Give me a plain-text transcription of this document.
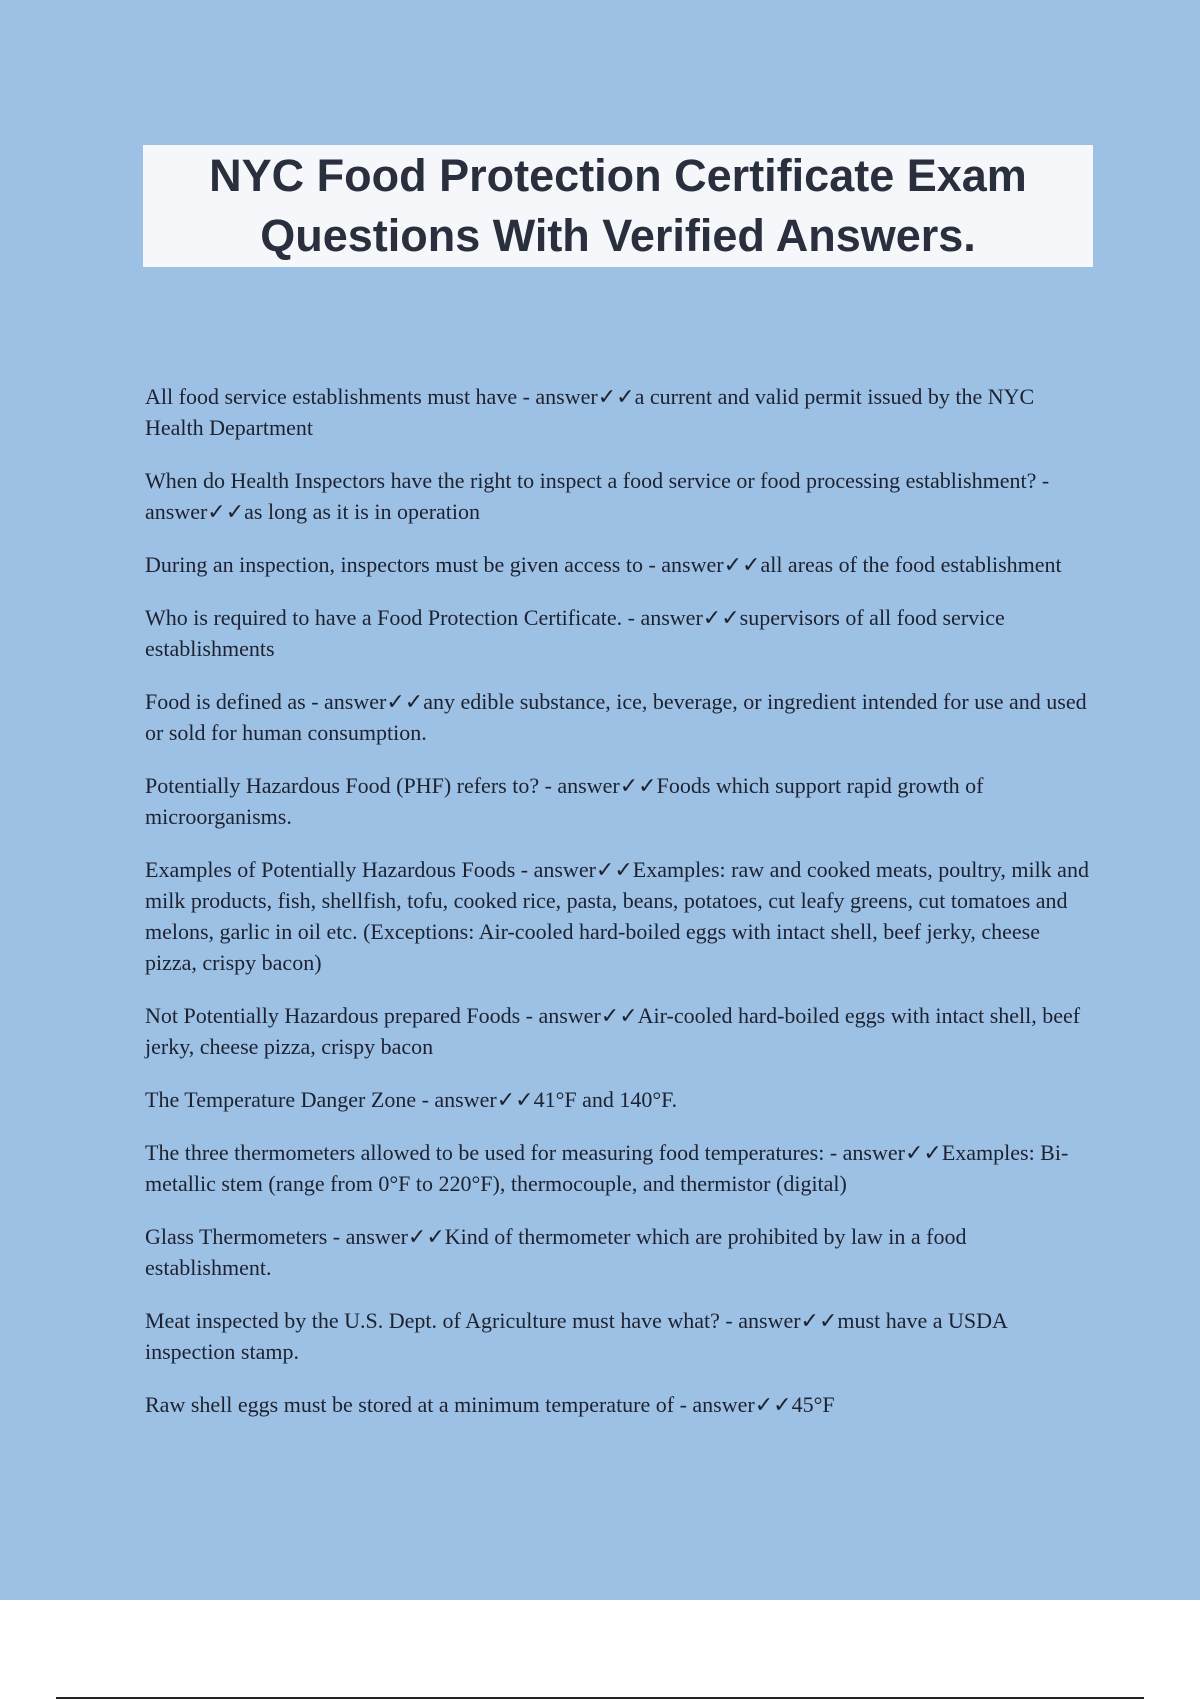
NYC Food Protection Certificate Exam
Questions With Verified Answers.

All food service establishments must have - answer✓✓a current and valid permit issued by the NYC Health Department

When do Health Inspectors have the right to inspect a food service or food processing establishment? - answer✓✓as long as it is in operation

During an inspection, inspectors must be given access to - answer✓✓all areas of the food establishment

Who is required to have a Food Protection Certificate. - answer✓✓supervisors of all food service establishments

Food is defined as - answer✓✓any edible substance, ice, beverage, or ingredient intended for use and used or sold for human consumption.

Potentially Hazardous Food (PHF) refers to? - answer✓✓Foods which support rapid growth of microorganisms.

Examples of Potentially Hazardous Foods - answer✓✓Examples: raw and cooked meats, poultry, milk and milk products, fish, shellfish, tofu, cooked rice, pasta, beans, potatoes, cut leafy greens, cut tomatoes and melons, garlic in oil etc. (Exceptions: Air-cooled hard-boiled eggs with intact shell, beef jerky, cheese pizza, crispy bacon)

Not Potentially Hazardous prepared Foods - answer✓✓Air-cooled hard-boiled eggs with intact shell, beef jerky, cheese pizza, crispy bacon

The Temperature Danger Zone - answer✓✓41°F and 140°F.

The three thermometers allowed to be used for measuring food temperatures: - answer✓✓Examples: Bi-metallic stem (range from 0°F to 220°F), thermocouple, and thermistor (digital)

Glass Thermometers - answer✓✓Kind of thermometer which are prohibited by law in a food establishment.

Meat inspected by the U.S. Dept. of Agriculture must have what? - answer✓✓must have a USDA inspection stamp.

Raw shell eggs must be stored at a minimum temperature of - answer✓✓45°F
